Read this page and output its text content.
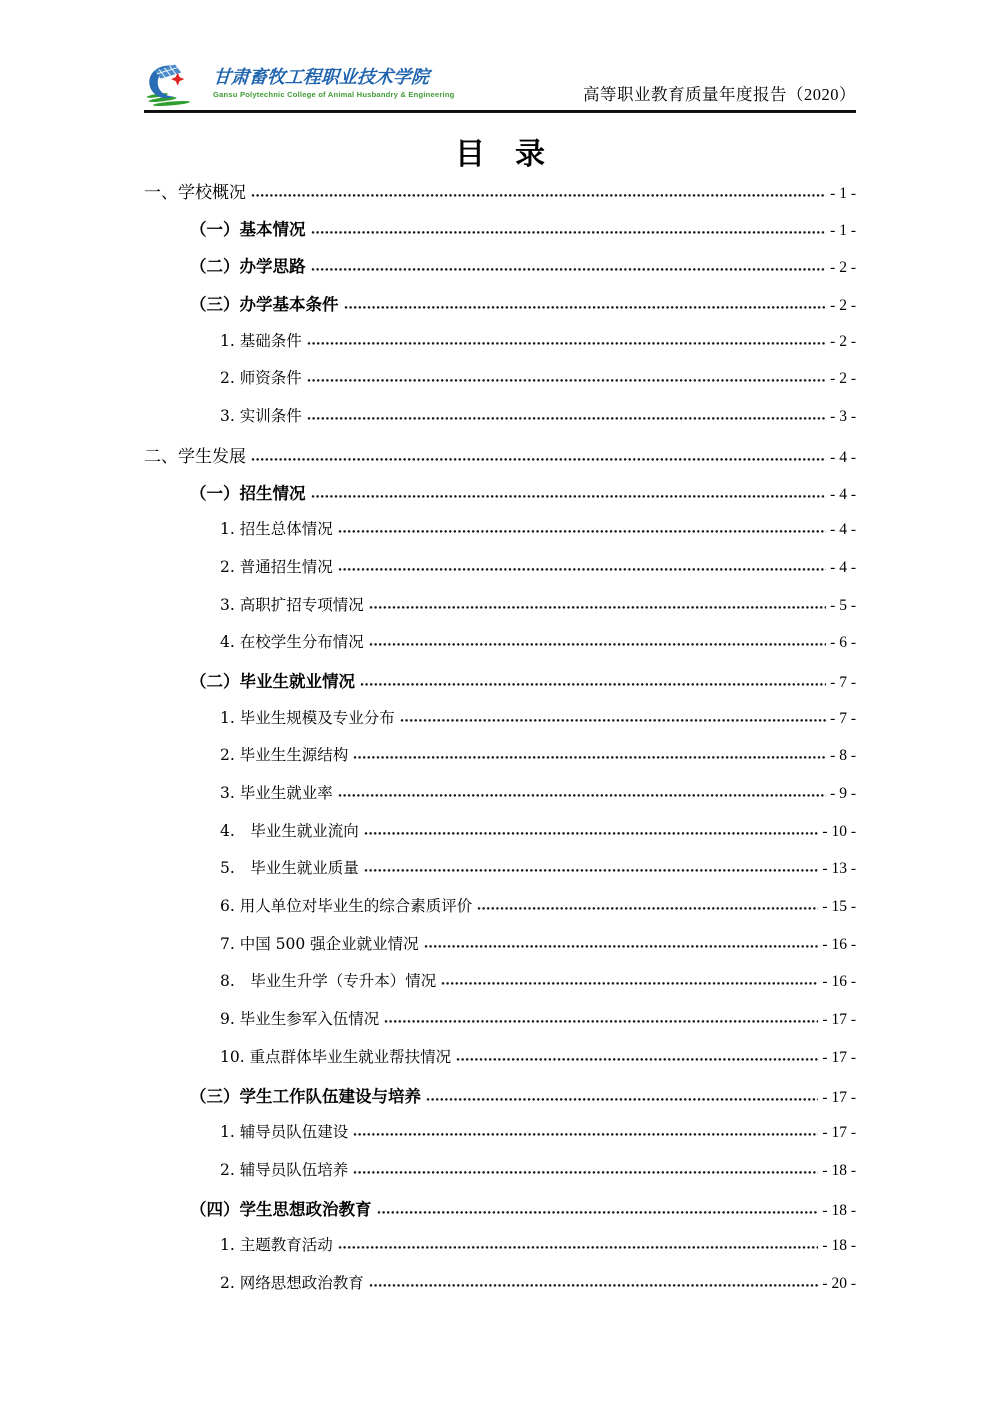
甘肃畜牧工程职业技术学院
Gansu Polytechnic College of Animal Husbandry & Engineering	高等职业教育质量年度报告（2020）
目　录
一、学校概况	- 1 -
（一）基本情况	- 1 -
（二）办学思路	- 2 -
（三）办学基本条件	- 2 -
1. 基础条件	- 2 -
2. 师资条件	- 2 -
3. 实训条件	- 3 -
二、学生发展	- 4 -
（一）招生情况	- 4 -
1. 招生总体情况	- 4 -
2. 普通招生情况	- 4 -
3. 高职扩招专项情况	- 5 -
4. 在校学生分布情况	- 6 -
（二）毕业生就业情况	- 7 -
1. 毕业生规模及专业分布	- 7 -
2. 毕业生生源结构	- 8 -
3. 毕业生就业率	- 9 -
4.　毕业生就业流向	- 10 -
5.　毕业生就业质量	- 13 -
6. 用人单位对毕业生的综合素质评价	- 15 -
7. 中国 500 强企业就业情况	- 16 -
8.　毕业生升学（专升本）情况	- 16 -
9. 毕业生参军入伍情况	- 17 -
10. 重点群体毕业生就业帮扶情况	- 17 -
（三）学生工作队伍建设与培养	- 17 -
1. 辅导员队伍建设	- 17 -
2. 辅导员队伍培养	- 18 -
（四）学生思想政治教育	- 18 -
1. 主题教育活动	- 18 -
2. 网络思想政治教育	- 20 -
